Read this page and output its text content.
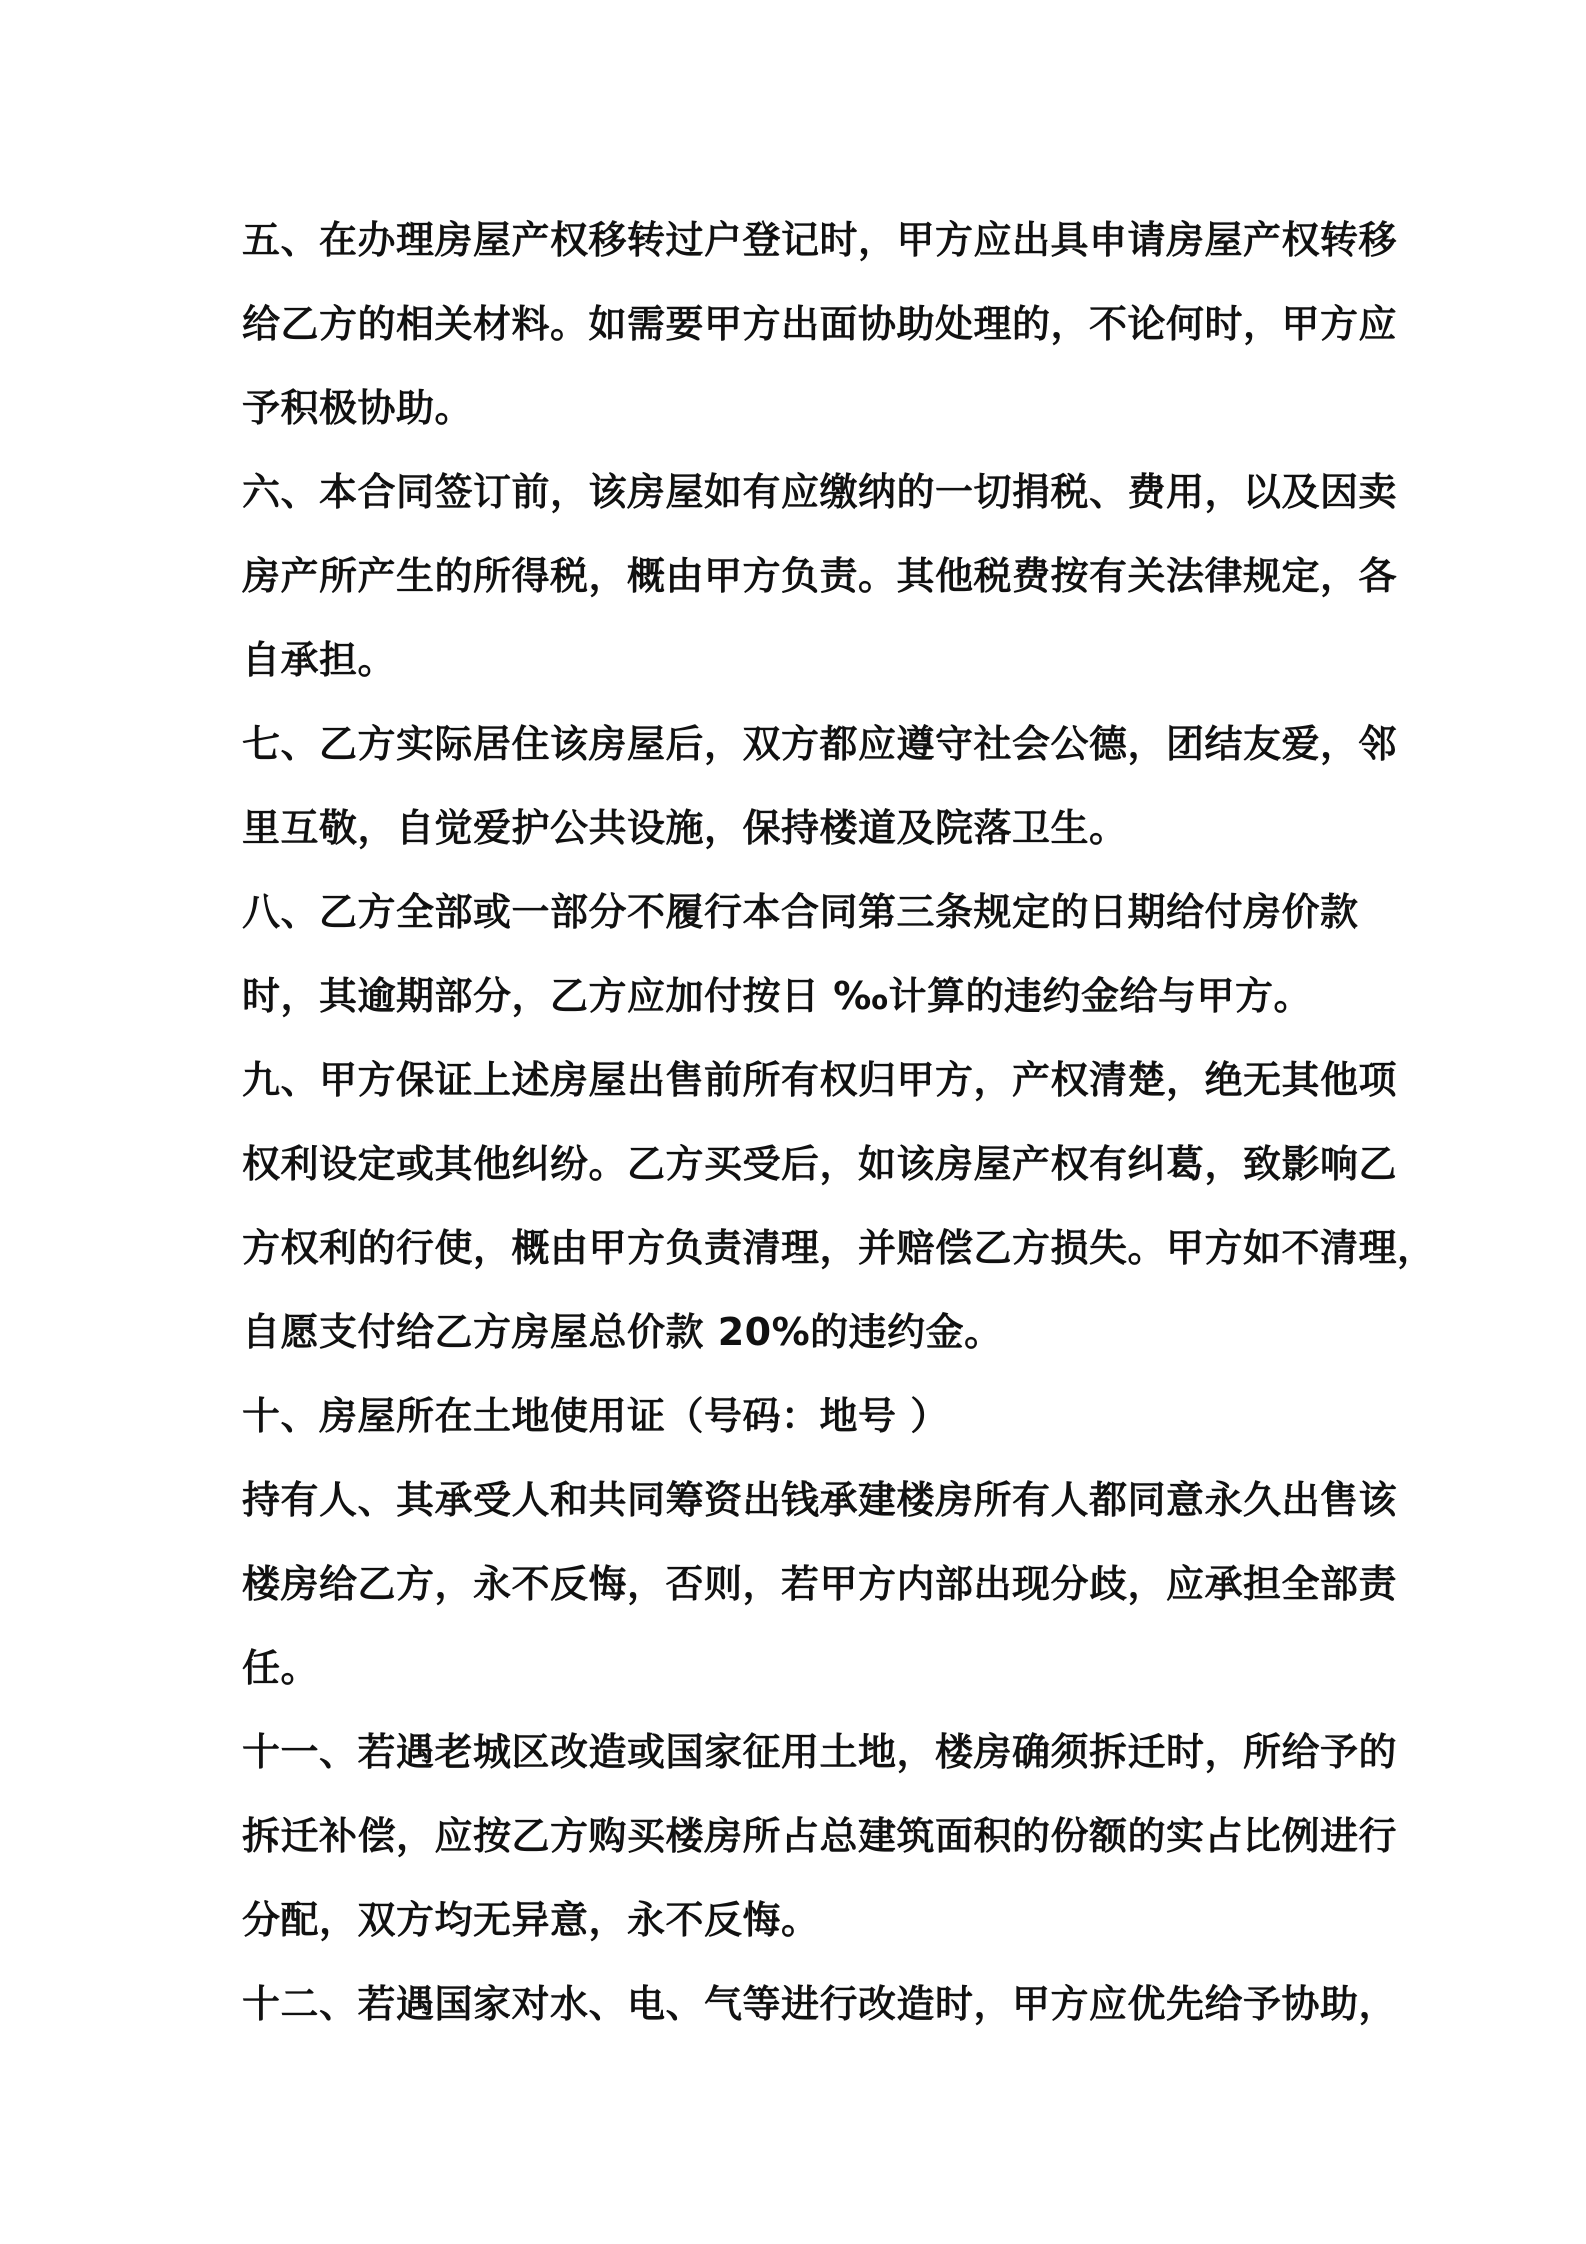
五、在办理房屋产权移转过户登记时，甲方应出具申请房屋产权转移
给乙方的相关材料。如需要甲方出面协助处理的，不论何时，甲方应
予积极协助。
六、本合同签订前，该房屋如有应缴纳的一切捐税、费用，以及因卖
房产所产生的所得税，概由甲方负责。其他税费按有关法律规定，各
自承担。
七、乙方实际居住该房屋后，双方都应遵守社会公德，团结友爱，邻
里互敬，自觉爱护公共设施，保持楼道及院落卫生。
八、乙方全部或一部分不履行本合同第三条规定的日期给付房价款
时，其逾期部分，乙方应加付按日 ‰计算的违约金给与甲方。
九、甲方保证上述房屋出售前所有权归甲方，产权清楚，绝无其他项
权利设定或其他纠纷。乙方买受后，如该房屋产权有纠葛，致影响乙
方权利的行使，概由甲方负责清理，并赔偿乙方损失。甲方如不清理，
自愿支付给乙方房屋总价款 20%的违约金。
十、房屋所在土地使用证（号码：地号 ）
持有人、其承受人和共同筹资出钱承建楼房所有人都同意永久出售该
楼房给乙方，永不反悔，否则，若甲方内部出现分歧，应承担全部责
任。
十一、若遇老城区改造或国家征用土地，楼房确须拆迁时，所给予的
拆迁补偿，应按乙方购买楼房所占总建筑面积的份额的实占比例进行
分配，双方均无异意，永不反悔。
十二、若遇国家对水、电、气等进行改造时，甲方应优先给予协助，
